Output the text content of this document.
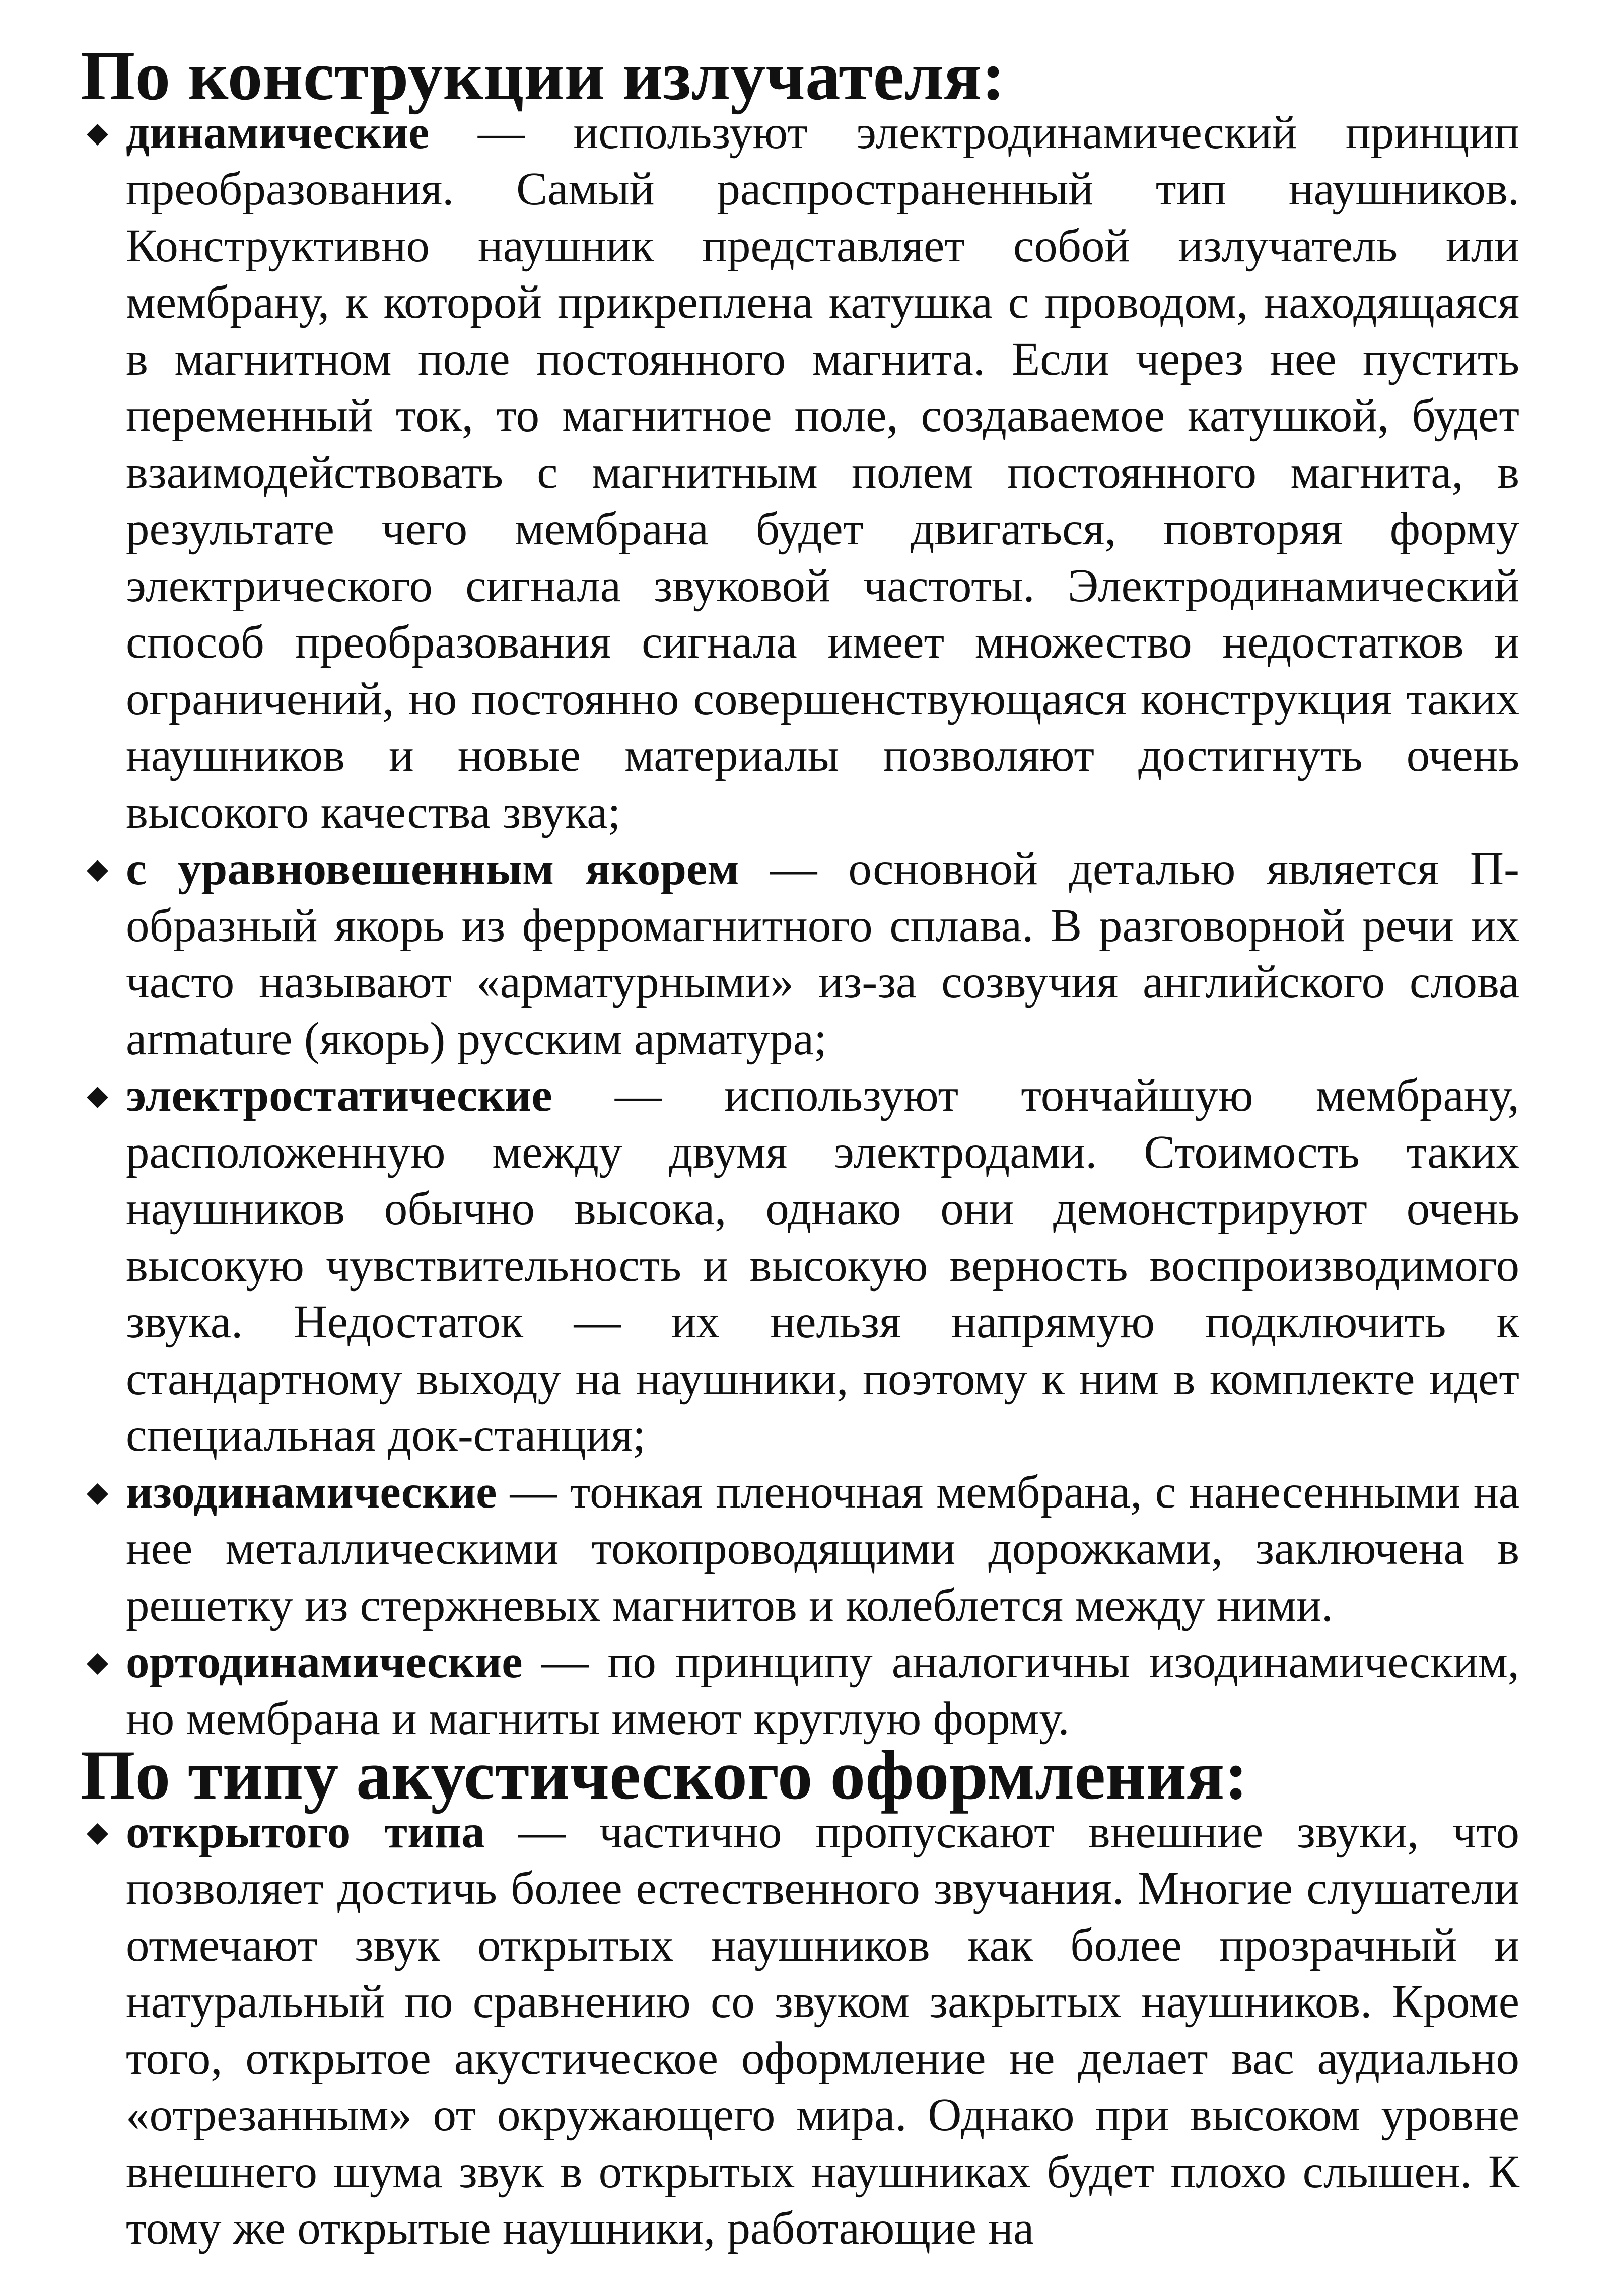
По конструкции излучателя:
◆ динамические — используют электродинамический принцип преобразования. Самый распространенный тип наушников. Конструктивно наушник представляет собой излучатель или мембрану, к которой прикреплена катушка с проводом, находящаяся в магнитном поле постоянного магнита. Если через нее пустить переменный ток, то магнитное поле, создаваемое катушкой, будет взаимодействовать с магнитным полем постоянного магнита, в результате чего мембрана будет двигаться, повторяя форму электрического сигнала звуковой частоты. Электродинамический способ преобразования сигнала имеет множество недостатков и ограничений, но постоянно совершенствующаяся конструкция таких наушников и новые материалы позволяют достигнуть очень высокого качества звука;
◆ с уравновешенным якорем — основной деталью является П-образный якорь из ферромагнитного сплава. В разговорной речи их часто называют «арматурными» из-за созвучия английского слова armature (якорь) русским арматура;
◆ электростатические — используют тончайшую мембрану, расположенную между двумя электродами. Стоимость таких наушников обычно высока, однако они демонстрируют очень высокую чувствительность и высокую верность воспроизводимого звука. Недостаток — их нельзя напрямую подключить к стандартному выходу на наушники, поэтому к ним в комплекте идет специальная док-станция;
◆ изодинамические — тонкая пленочная мембрана, с нанесенными на нее металлическими токопроводящими дорожками, заключена в решетку из стержневых магнитов и колеблется между ними.
◆ ортодинамические — по принципу аналогичны изодинамическим, но мембрана и магниты имеют круглую форму.
По типу акустического оформления:
◆ открытого типа — частично пропускают внешние звуки, что позволяет достичь более естественного звучания. Многие слушатели отмечают звук открытых наушников как более прозрачный и натуральный по сравнению со звуком закрытых наушников. Кроме того, открытое акустическое оформление не делает вас аудиально «отрезанным» от окружающего мира. Однако при высоком уровне внешнего шума звук в открытых наушниках будет плохо слышен. К тому же открытые наушники, работающие на
